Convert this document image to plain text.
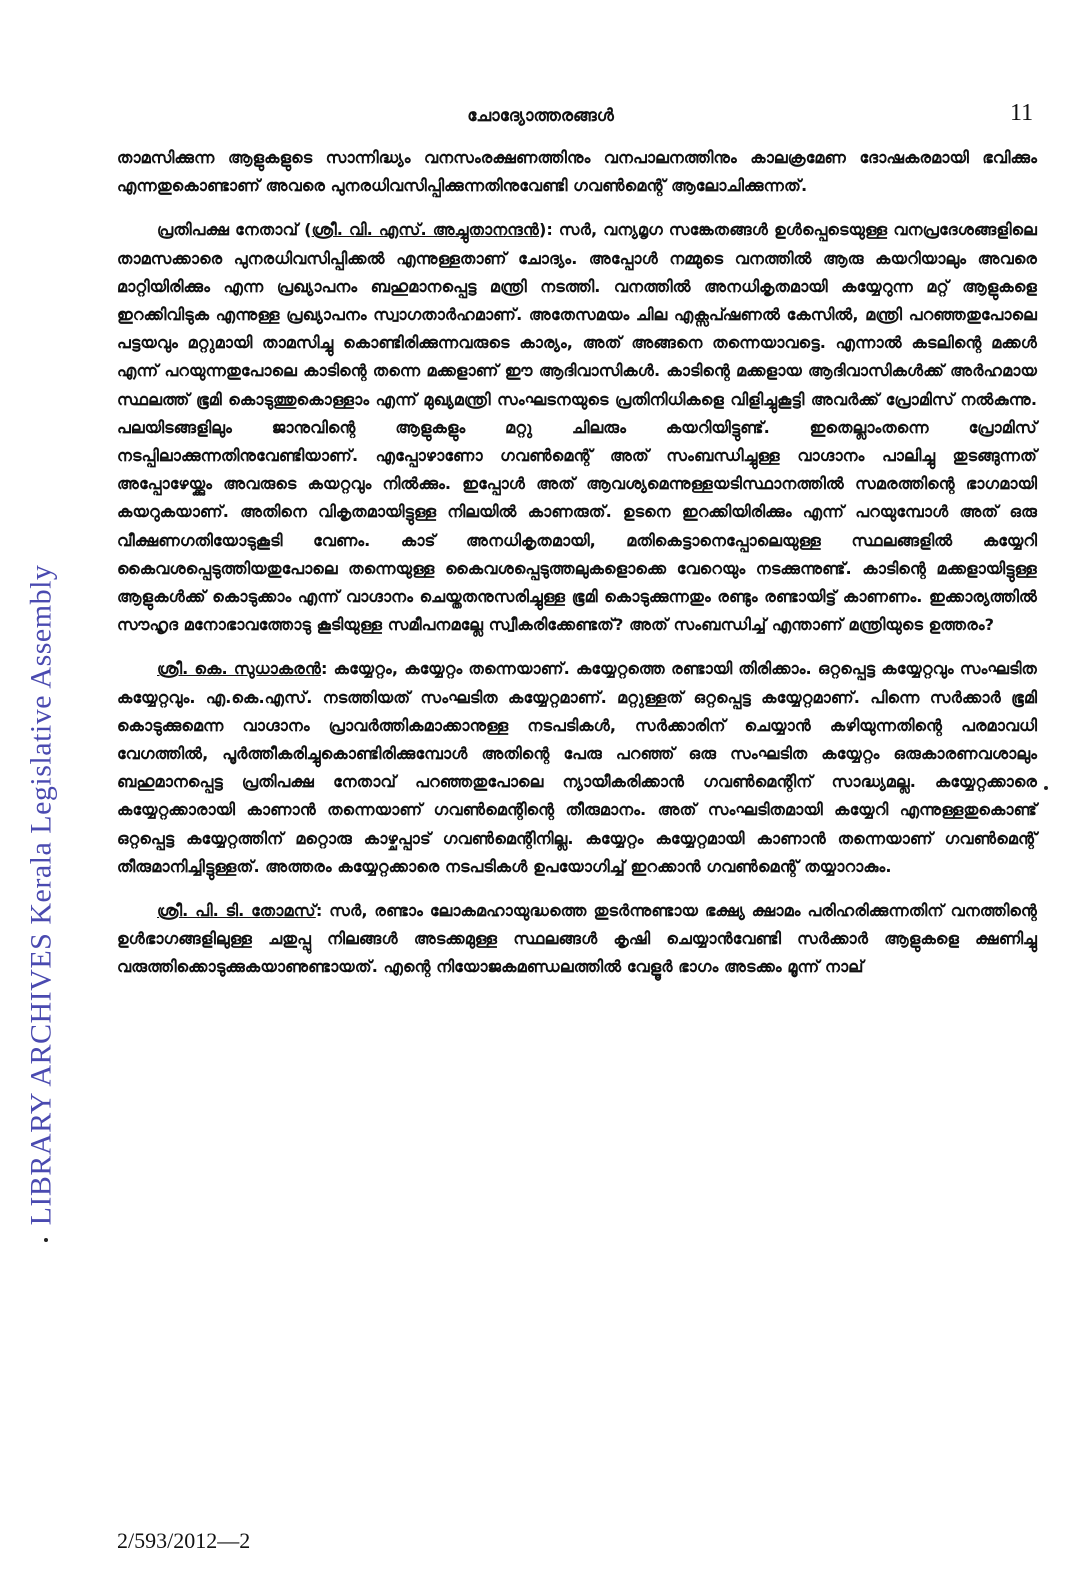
ചോദ്യോത്തരങ്ങൾ	11
LIBRARY ARCHIVES Kerala Legislative Assembly

താമസിക്കുന്ന ആളുകളുടെ സാന്നിദ്ധ്യം വനസംരക്ഷണത്തിനും വനപാലനത്തിനും കാലക്രമേണ ദോഷകരമായി ഭവിക്കും എന്നതുകൊണ്ടാണ് അവരെ പുനരധിവസിപ്പിക്കുന്നതിനുവേണ്ടി ഗവൺമെന്റ് ആലോചിക്കുന്നത്.

പ്രതിപക്ഷ നേതാവ് (ശ്രീ. വി. എസ്. അച്ചുതാനന്ദൻ): സർ, വന്യമൃഗ സങ്കേതങ്ങൾ ഉൾപ്പെടെയുള്ള വനപ്രദേശങ്ങളിലെ താമസക്കാരെ പുനരധിവസിപ്പിക്കൽ എന്നുള്ളതാണ് ചോദ്യം. അപ്പോൾ നമ്മുടെ വനത്തിൽ ആരു കയറിയാലും അവരെ മാറ്റിയിരിക്കും എന്ന പ്രഖ്യാപനം ബഹുമാനപ്പെട്ട മന്ത്രി നടത്തി. വനത്തിൽ അനധികൃതമായി കയ്യേറുന്ന മറ്റ് ആളുകളെ ഇറക്കിവിടുക എന്നുള്ള പ്രഖ്യാപനം സ്വാഗതാർഹമാണ്. അതേസമയം ചില എക്സപ്ഷണൽ കേസിൽ, മന്ത്രി പറഞ്ഞതുപോലെ പട്ടയവും മറ്റുമായി താമസിച്ചു കൊണ്ടിരിക്കുന്നവരുടെ കാര്യം, അത് അങ്ങനെ തന്നെയാവട്ടെ. എന്നാൽ കടലിന്റെ മക്കൾ എന്ന് പറയുന്നതുപോലെ കാടിന്റെ തന്നെ മക്കളാണ് ഈ ആദിവാസികൾ. കാടിന്റെ മക്കളായ ആദിവാസികൾക്ക് അർഹമായ സ്ഥലത്ത് ഭൂമി കൊടുത്തുകൊള്ളാം എന്ന് മുഖ്യമന്ത്രി സംഘടനയുടെ പ്രതിനിധികളെ വിളിച്ചുകൂട്ടി അവർക്ക് പ്രോമിസ് നൽകുന്നു. പലയിടങ്ങളിലും ജാനുവിന്റെ ആളുകളും മറ്റു ചിലരും കയറിയിട്ടുണ്ട്. ഇതെല്ലാംതന്നെ പ്രോമിസ് നടപ്പിലാക്കുന്നതിനുവേണ്ടിയാണ്. എപ്പോഴാണോ ഗവൺമെന്റ് അത് സംബന്ധിച്ചുള്ള വാഗ്ദാനം പാലിച്ചു തുടങ്ങുന്നത് അപ്പോഴേയ്ക്കും അവരുടെ കയറ്റവും നിൽക്കും. ഇപ്പോൾ അത് ആവശ്യമെന്നുള്ളയടിസ്ഥാനത്തിൽ സമരത്തിന്റെ ഭാഗമായി കയറുകയാണ്. അതിനെ വികൃതമായിട്ടുള്ള നിലയിൽ കാണരുത്. ഉടനെ ഇറക്കിയിരിക്കും എന്ന് പറയുമ്പോൾ അത് ഒരു വീക്ഷണഗതിയോടുകൂടി വേണം. കാട് അനധികൃതമായി, മതികെട്ടാനെപ്പോലെയുള്ള സ്ഥലങ്ങളിൽ കയ്യേറി കൈവശപ്പെടുത്തിയതുപോലെ തന്നെയുള്ള കൈവശപ്പെടുത്തലുകളൊക്കെ വേറെയും നടക്കുന്നുണ്ട്. കാടിന്റെ മക്കളായിട്ടുള്ള ആളുകൾക്ക് കൊടുക്കാം എന്ന് വാഗ്ദാനം ചെയ്തതനുസരിച്ചുള്ള ഭൂമി കൊടുക്കുന്നതും രണ്ടും രണ്ടായിട്ട് കാണണം. ഇക്കാര്യത്തിൽ സൗഹൃദ മനോഭാവത്തോടു കൂടിയുള്ള സമീപനമല്ലേ സ്വീകരിക്കേണ്ടത്? അത് സംബന്ധിച്ച് എന്താണ് മന്ത്രിയുടെ ഉത്തരം?

ശ്രീ. കെ. സുധാകരൻ: കയ്യേറ്റം, കയ്യേറ്റം തന്നെയാണ്. കയ്യേറ്റത്തെ രണ്ടായി തിരിക്കാം. ഒറ്റപ്പെട്ട കയ്യേറ്റവും സംഘടിത കയ്യേറ്റവും. എ.കെ.എസ്. നടത്തിയത് സംഘടിത കയ്യേറ്റമാണ്. മറ്റുള്ളത് ഒറ്റപ്പെട്ട കയ്യേറ്റമാണ്. പിന്നെ സർക്കാർ ഭൂമി കൊടുക്കുമെന്ന വാഗ്ദാനം പ്രാവർത്തികമാക്കാനുള്ള നടപടികൾ, സർക്കാരിന് ചെയ്യാൻ കഴിയുന്നതിന്റെ പരമാവധി വേഗത്തിൽ, പൂർത്തീകരിച്ചുകൊണ്ടിരിക്കുമ്പോൾ അതിന്റെ പേരു പറഞ്ഞ് ഒരു സംഘടിത കയ്യേറ്റം ഒരുകാരണവശാലും ബഹുമാനപ്പെട്ട പ്രതിപക്ഷ നേതാവ് പറഞ്ഞതുപോലെ ന്യായീകരിക്കാൻ ഗവൺമെന്റിന് സാദ്ധ്യമല്ല. കയ്യേറ്റക്കാരെ കയ്യേറ്റക്കാരായി കാണാൻ തന്നെയാണ് ഗവൺമെന്റിന്റെ തീരുമാനം. അത് സംഘടിതമായി കയ്യേറി എന്നുള്ളതുകൊണ്ട് ഒറ്റപ്പെട്ട കയ്യേറ്റത്തിന് മറ്റൊരു കാഴ്ചപ്പാട് ഗവൺമെന്റിനില്ല. കയ്യേറ്റം കയ്യേറ്റമായി കാണാൻ തന്നെയാണ് ഗവൺമെന്റ് തീരുമാനിച്ചിട്ടുള്ളത്. അത്തരം കയ്യേറ്റക്കാരെ നടപടികൾ ഉപയോഗിച്ച് ഇറക്കാൻ ഗവൺമെന്റ് തയ്യാറാകും.

ശ്രീ. പി. ടി. തോമസ്: സർ, രണ്ടാം ലോകമഹായുദ്ധത്തെ തുടർന്നുണ്ടായ ഭക്ഷ്യ ക്ഷാമം പരിഹരിക്കുന്നതിന് വനത്തിന്റെ ഉൾഭാഗങ്ങളിലുള്ള ചതുപ്പു നിലങ്ങൾ അടക്കമുള്ള സ്ഥലങ്ങൾ കൃഷി ചെയ്യാൻവേണ്ടി സർക്കാർ ആളുകളെ ക്ഷണിച്ചു വരുത്തിക്കൊടുക്കുകയാണുണ്ടായത്. എന്റെ നിയോജകമണ്ഡലത്തിൽ വേളൂർ ഭാഗം അടക്കം മൂന്ന് നാല്

2/593/2012—2
